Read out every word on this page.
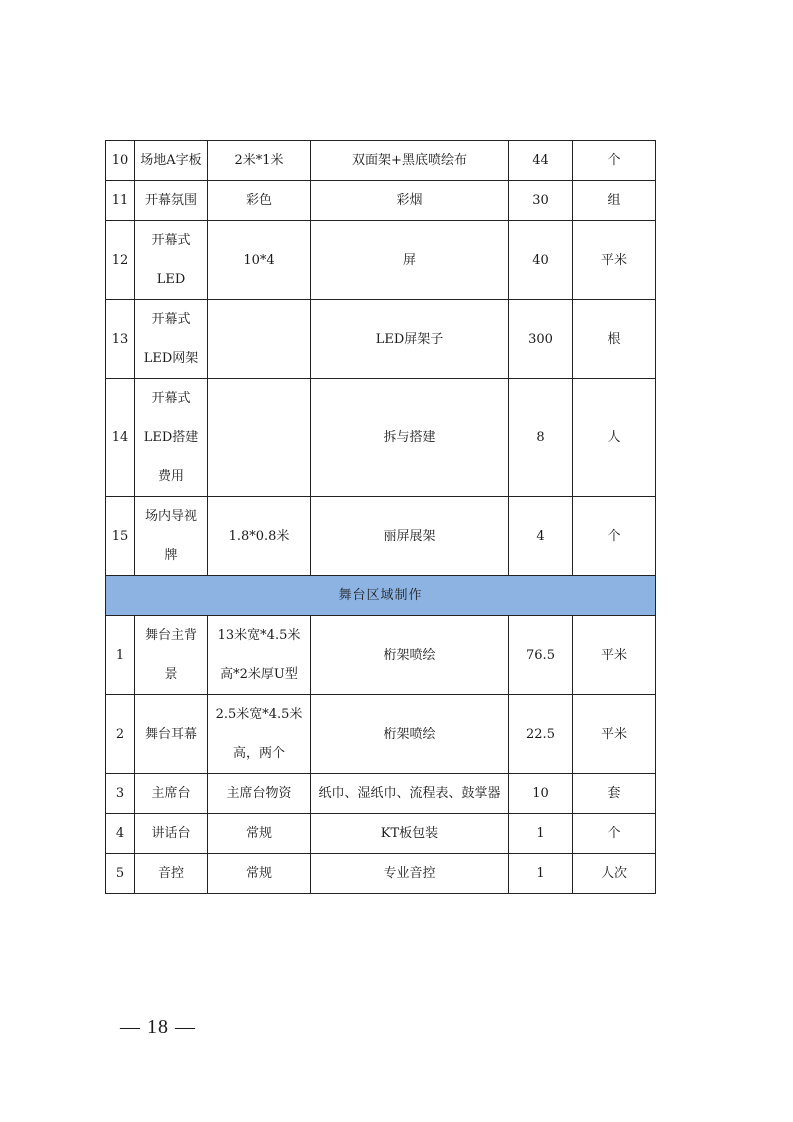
10	场地A字板	2米*1米	双面架+黑底喷绘布	44	个
11	开幕氛围	彩色	彩烟	30	组
12	开幕式LED	10*4	屏	40	平米
13	开幕式LED网架		LED屏架子	300	根
14	开幕式LED搭建费用		拆与搭建	8	人
15	场内导视牌	1.8*0.8米	丽屏展架	4	个
舞台区域制作					
1	舞台主背景	13米宽*4.5米高*2米厚U型	桁架喷绘	76.5	平米
2	舞台耳幕	2.5米宽*4.5米高，两个	桁架喷绘	22.5	平米
3	主席台	主席台物资	纸巾、湿纸巾、流程表、鼓掌器	10	套
4	讲话台	常规	KT板包装	1	个
5	音控	常规	专业音控	1	人次
— 18 —
